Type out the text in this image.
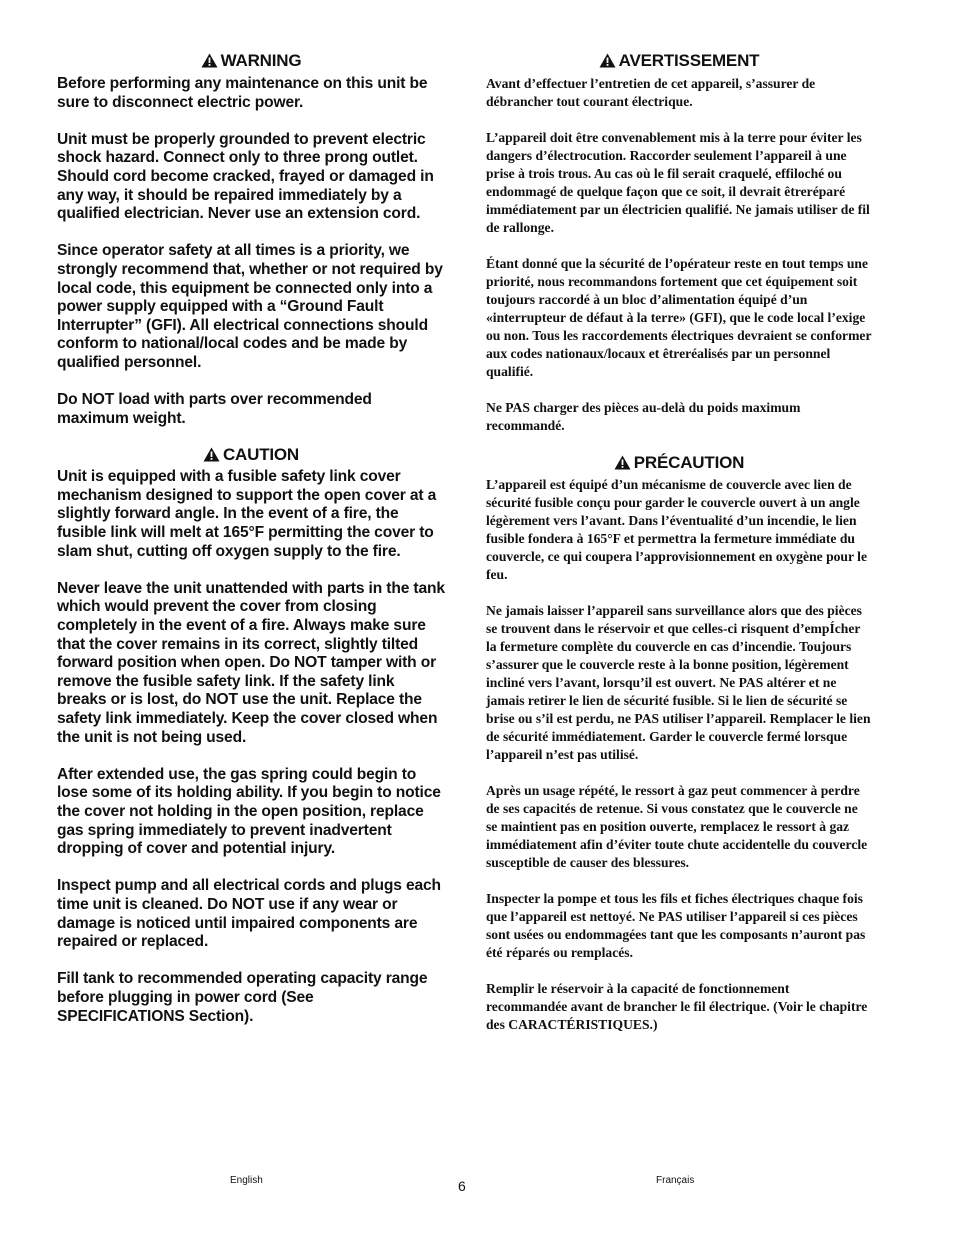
WARNING

Before performing any maintenance on this unit be sure to disconnect electric power.

Unit must be properly grounded to prevent electric shock hazard. Connect only to three prong outlet. Should cord become cracked, frayed or damaged in any way, it should be repaired immediately by a qualified electrician. Never use an extension cord.

Since operator safety at all times is a priority, we strongly recommend that, whether or not required by local code, this equipment be connected only into a power supply equipped with a “Ground Fault Interrupter” (GFI). All electrical connections should conform to national/local codes and be made by qualified personnel.

Do NOT load with parts over recommended maximum weight.

CAUTION

Unit is equipped with a fusible safety link cover mechanism designed to support the open cover at a slightly forward angle. In the event of a fire, the fusible link will melt at 165°F permitting the cover to slam shut, cutting off oxygen supply to the fire.

Never leave the unit unattended with parts in the tank which would prevent the cover from closing completely in the event of a fire. Always make sure that the cover remains in its correct, slightly tilted forward position when open. Do NOT tamper with or remove the fusible safety link. If the safety link breaks or is lost, do NOT use the unit. Replace the safety link immediately. Keep the cover closed when the unit is not being used.

After extended use, the gas spring could begin to lose some of its holding ability. If you begin to notice the cover not holding in the open position, replace gas spring immediately to prevent inadvertent dropping of cover and potential injury.

Inspect pump and all electrical cords and plugs each time unit is cleaned. Do NOT use if any wear or damage is noticed until impaired components are repaired or replaced.

Fill tank to recommended operating capacity range before plugging in power cord (See SPECIFICATIONS Section).

AVERTISSEMENT

Avant d’effectuer l’entretien de cet appareil, s’assurer de débrancher tout courant électrique.

L’appareil doit être convenablement mis à la terre pour éviter les dangers d’électrocution. Raccorder seulement l’appareil à une prise à trois trous. Au cas où le fil serait craquelé, effiloché ou endommagé de quelque façon que ce soit, il devrait êtreréparé immédiatement par un électricien qualifié. Ne jamais utiliser de fil de rallonge.

Étant donné que la sécurité de l’opérateur reste en tout temps une priorité, nous recommandons fortement que cet équipement soit toujours raccordé à un bloc d’alimentation équipé d’un «interrupteur de défaut à la terre» (GFI), que le code local l’exige ou non. Tous les raccordements électriques devraient se conformer aux codes nationaux/locaux et êtreréalisés par un personnel qualifié.

Ne PAS charger des pièces au-delà du poids maximum recommandé.

PRÉCAUTION

L’appareil est équipé d’un mécanisme de couvercle avec lien de sécurité fusible conçu pour garder le couvercle ouvert à un angle légèrement vers l’avant. Dans l’éventualité d’un incendie, le lien fusible fondera à 165°F et permettra la fermeture immédiate du couvercle, ce qui coupera l’approvisionnement en oxygène pour le feu.

Ne jamais laisser l’appareil sans surveillance alors que des pièces se trouvent dans le réservoir et que celles-ci risquent d’empÍcher la fermeture complète du couvercle en cas d’incendie. Toujours s’assurer que le couvercle reste à la bonne position, légèrement incliné vers l’avant, lorsqu’il est ouvert. Ne PAS altérer et ne jamais retirer le lien de sécurité fusible. Si le lien de sécurité se brise ou s’il est perdu, ne PAS utiliser l’appareil. Remplacer le lien de sécurité immédiatement. Garder le couvercle fermé lorsque l’appareil n’est pas utilisé.

Après un usage répété, le ressort à gaz peut commencer à perdre de ses capacités de retenue. Si vous constatez que le couvercle ne se maintient pas en position ouverte, remplacez le ressort à gaz immédiatement afin d’éviter toute chute accidentelle du couvercle susceptible de causer des blessures.

Inspecter la pompe et tous les fils et fiches électriques chaque fois que l’appareil est nettoyé. Ne PAS utiliser l’appareil si ces pièces sont usées ou endommagées tant que les composants n’auront pas été réparés ou remplacés.

Remplir le réservoir à la capacité de fonctionnement recommandée avant de brancher le fil électrique. (Voir le chapitre des CARACTÉRISTIQUES.)

English	6	Français
